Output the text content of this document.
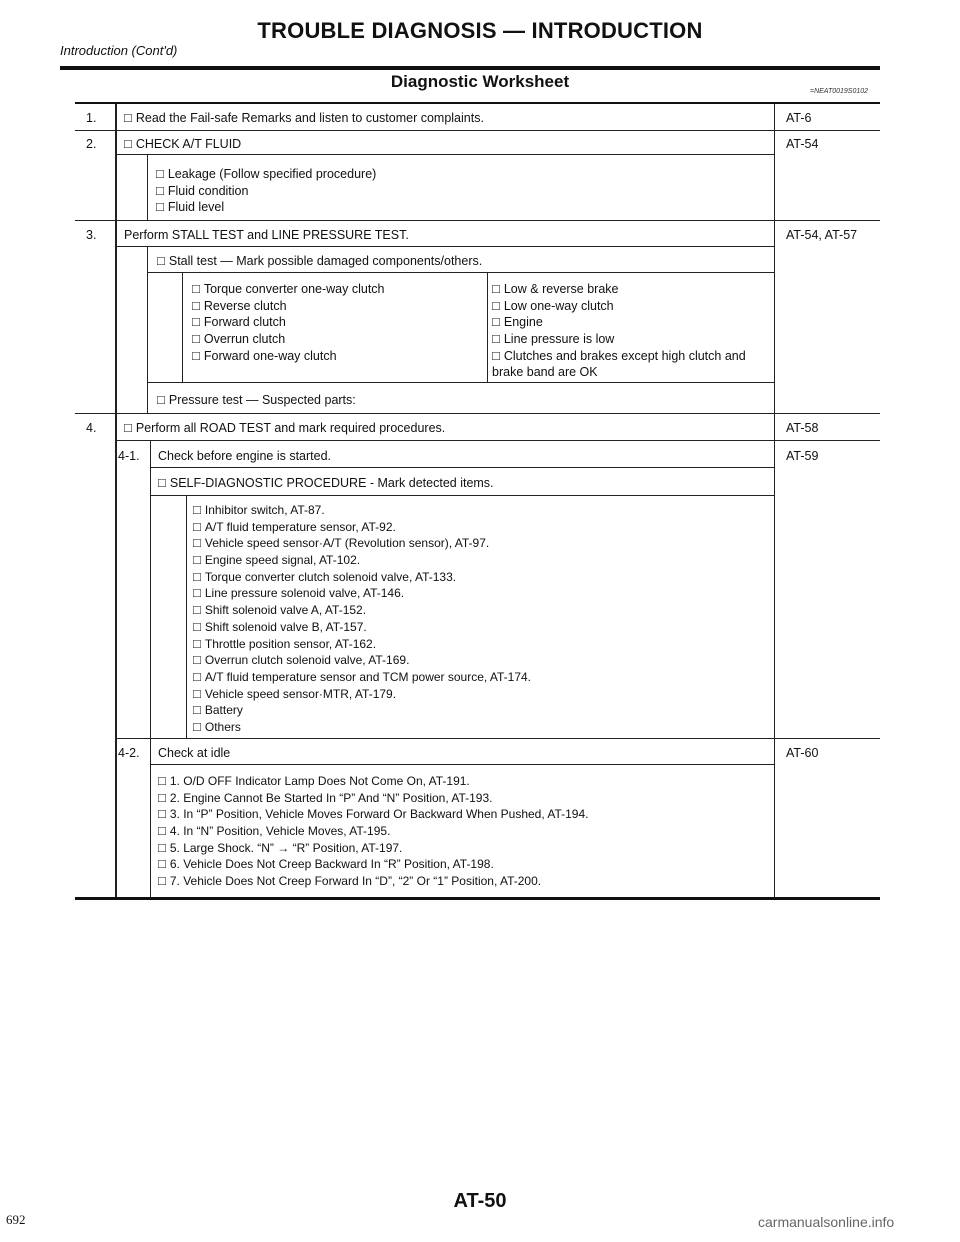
TROUBLE DIAGNOSIS — INTRODUCTION
Introduction (Cont'd)
Diagnostic Worksheet
=NEAT0019S0102
1. □ Read the Fail-safe Remarks and listen to customer complaints.	AT-6
2. □ CHECK A/T FLUID	AT-54
□ Leakage (Follow specified procedure)
□ Fluid condition
□ Fluid level
3. Perform STALL TEST and LINE PRESSURE TEST.	AT-54, AT-57
□ Stall test — Mark possible damaged components/others.
□ Torque converter one-way clutch
□ Reverse clutch
□ Forward clutch
□ Overrun clutch
□ Forward one-way clutch
□ Low & reverse brake
□ Low one-way clutch
□ Engine
□ Line pressure is low
□ Clutches and brakes except high clutch and
brake band are OK
□ Pressure test — Suspected parts:
4. □ Perform all ROAD TEST and mark required procedures.	AT-58
4-1. Check before engine is started.	AT-59
□ SELF-DIAGNOSTIC PROCEDURE - Mark detected items.
□ Inhibitor switch, AT-87.
□ A/T fluid temperature sensor, AT-92.
□ Vehicle speed sensor·A/T (Revolution sensor), AT-97.
□ Engine speed signal, AT-102.
□ Torque converter clutch solenoid valve, AT-133.
□ Line pressure solenoid valve, AT-146.
□ Shift solenoid valve A, AT-152.
□ Shift solenoid valve B, AT-157.
□ Throttle position sensor, AT-162.
□ Overrun clutch solenoid valve, AT-169.
□ A/T fluid temperature sensor and TCM power source, AT-174.
□ Vehicle speed sensor·MTR, AT-179.
□ Battery
□ Others
4-2. Check at idle	AT-60
□ 1. O/D OFF Indicator Lamp Does Not Come On, AT-191.
□ 2. Engine Cannot Be Started In “P” And “N” Position, AT-193.
□ 3. In “P” Position, Vehicle Moves Forward Or Backward When Pushed, AT-194.
□ 4. In “N” Position, Vehicle Moves, AT-195.
□ 5. Large Shock. “N” → “R” Position, AT-197.
□ 6. Vehicle Does Not Creep Backward In “R” Position, AT-198.
□ 7. Vehicle Does Not Creep Forward In “D”, “2” Or “1” Position, AT-200.
AT-50
692	carmanualsonline.info
